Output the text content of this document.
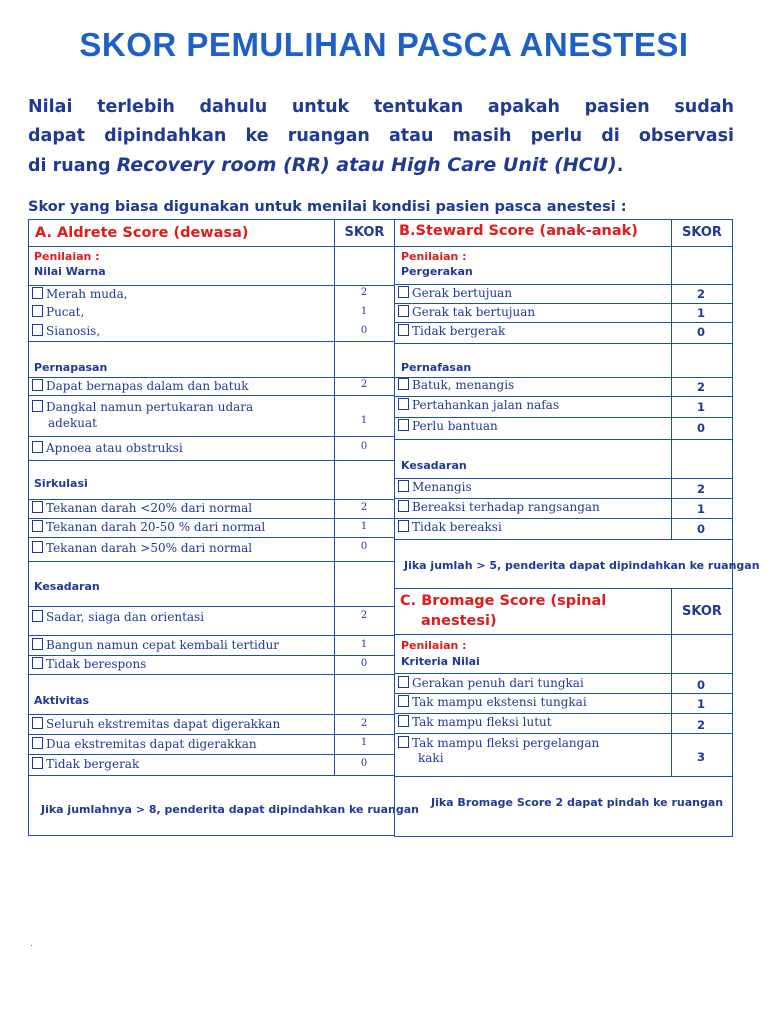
SKOR PEMULIHAN PASCA ANESTESI
Nilai terlebih dahulu untuk tentukan apakah pasien sudah
dapat dipindahkan ke ruangan atau masih perlu di observasi
di ruang Recovery room (RR) atau High Care Unit (HCU).
Skor yang biasa digunakan untuk menilai kondisi pasien pasca anestesi :
A. Aldrete Score (dewasa)	SKOR
Penilaian :
Nilai Warna
Merah muda,	2
Pucat,	1
Sianosis,	0
Pernapasan
Dapat bernapas dalam dan batuk	2
Dangkal namun pertukaran udara
adekuat	1
Apnoea atau obstruksi	0
Sirkulasi
Tekanan darah <20% dari normal	2
Tekanan darah 20-50 % dari normal	1
Tekanan darah >50% dari normal	0
Kesadaran
Sadar, siaga dan orientasi	2
Bangun namun cepat kembali tertidur	1
Tidak berespons	0
Aktivitas
Seluruh ekstremitas dapat digerakkan	2
Dua ekstremitas dapat digerakkan	1
Tidak bergerak	0
Jika jumlahnya > 8, penderita dapat dipindahkan ke ruangan
B.Steward Score (anak-anak)	SKOR
Penilaian :
Pergerakan
Gerak bertujuan	2
Gerak tak bertujuan	1
Tidak bergerak	0
Pernafasan
Batuk, menangis	2
Pertahankan jalan nafas	1
Perlu bantuan	0
Kesadaran
Menangis	2
Bereaksi terhadap rangsangan	1
Tidak bereaksi	0
Jika jumlah > 5, penderita dapat dipindahkan ke ruangan
C. Bromage Score (spinal
anestesi)
SKOR
Penilaian :
Kriteria Nilai
Gerakan penuh dari tungkai	0
Tak mampu ekstensi tungkai	1
Tak mampu fleksi lutut	2
Tak mampu fleksi pergelangan
kaki	3
Jika Bromage Score 2 dapat pindah ke ruangan
·
